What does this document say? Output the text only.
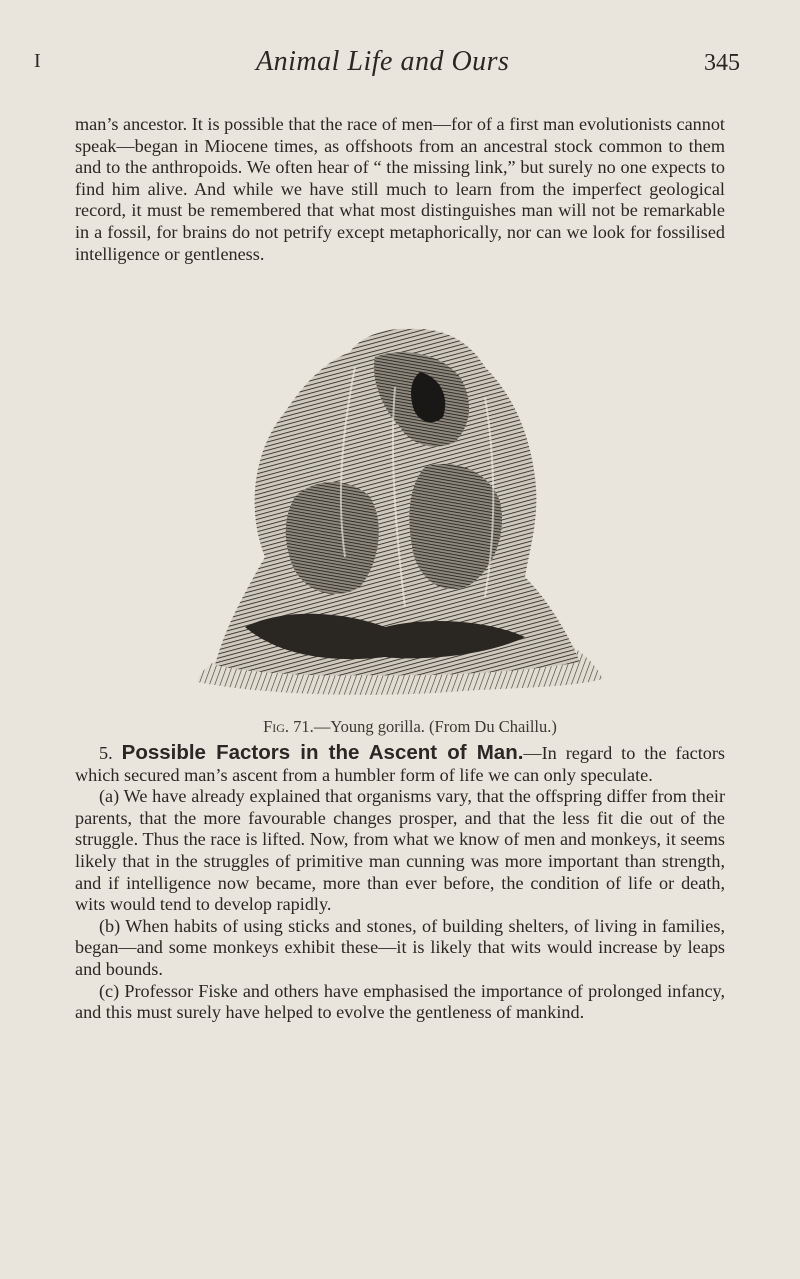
I	Animal Life and Ours	345

man’s ancestor. It is possible that the race of men—for of a first man evolutionists cannot speak—began in Miocene times, as offshoots from an ancestral stock common to them and to the anthropoids. We often hear of “ the missing link,” but surely no one expects to find him alive. And while we have still much to learn from the imperfect geological record, it must be remembered that what most distinguishes man will not be remarkable in a fossil, for brains do not petrify except metaphorically, nor can we look for fossilised intelligence or gentleness.

Fig. 71.—Young gorilla. (From Du Chaillu.)

5. Possible Factors in the Ascent of Man.—In regard to the factors which secured man’s ascent from a humbler form of life we can only speculate.

(a) We have already explained that organisms vary, that the offspring differ from their parents, that the more favourable changes prosper, and that the less fit die out of the struggle. Thus the race is lifted. Now, from what we know of men and monkeys, it seems likely that in the struggles of primitive man cunning was more important than strength, and if intelligence now became, more than ever before, the condition of life or death, wits would tend to develop rapidly.

(b) When habits of using sticks and stones, of building shelters, of living in families, began—and some monkeys exhibit these—it is likely that wits would increase by leaps and bounds.

(c) Professor Fiske and others have emphasised the importance of prolonged infancy, and this must surely have helped to evolve the gentleness of mankind.
